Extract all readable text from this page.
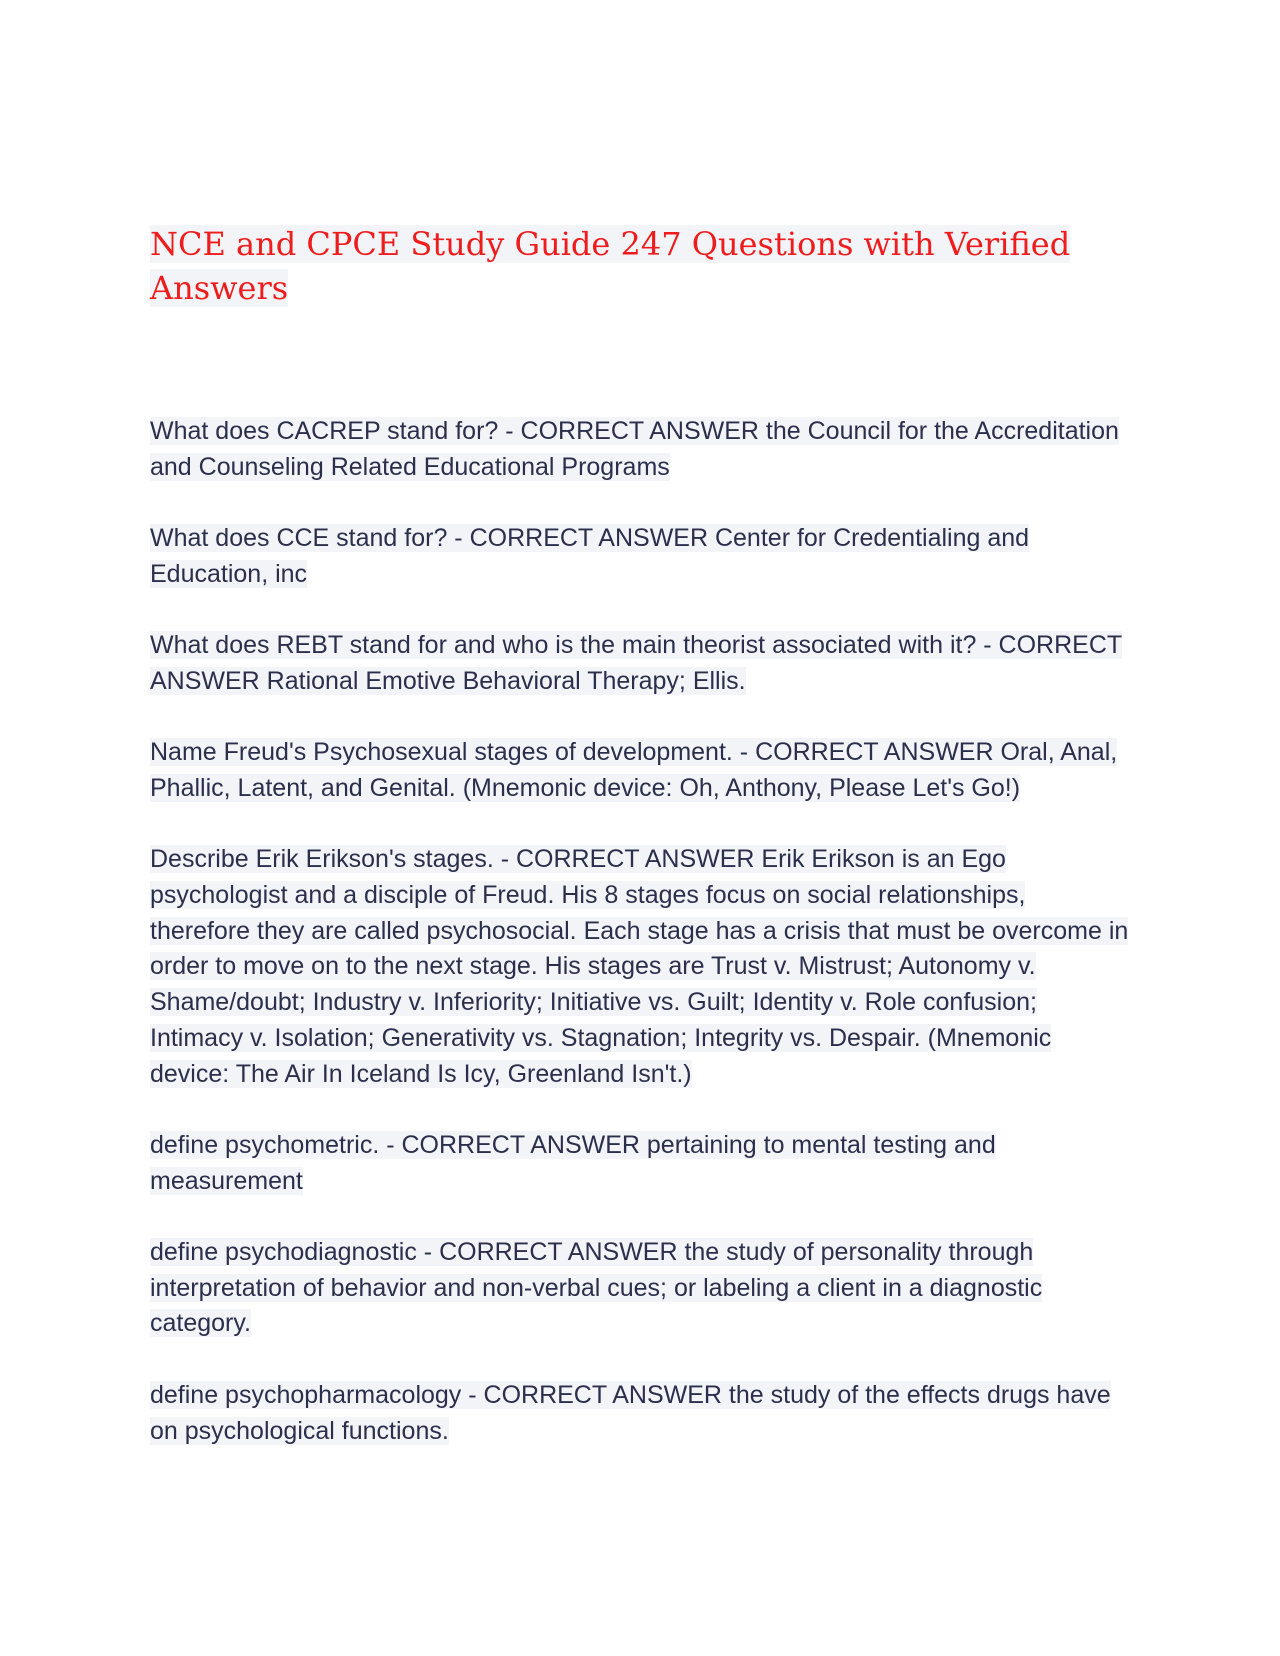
NCE and CPCE Study Guide 247 Questions with Verified Answers

What does CACREP stand for? - CORRECT ANSWER the Council for the Accreditation and Counseling Related Educational Programs

What does CCE stand for? - CORRECT ANSWER Center for Credentialing and Education, inc

What does REBT stand for and who is the main theorist associated with it? - CORRECT ANSWER Rational Emotive Behavioral Therapy; Ellis.

Name Freud's Psychosexual stages of development. - CORRECT ANSWER Oral, Anal, Phallic, Latent, and Genital. (Mnemonic device: Oh, Anthony, Please Let's Go!)

Describe Erik Erikson's stages. - CORRECT ANSWER Erik Erikson is an Ego psychologist and a disciple of Freud. His 8 stages focus on social relationships, therefore they are called psychosocial. Each stage has a crisis that must be overcome in order to move on to the next stage. His stages are Trust v. Mistrust; Autonomy v. Shame/doubt; Industry v. Inferiority; Initiative vs. Guilt; Identity v. Role confusion; Intimacy v. Isolation; Generativity vs. Stagnation; Integrity vs. Despair. (Mnemonic device: The Air In Iceland Is Icy, Greenland Isn't.)

define psychometric. - CORRECT ANSWER pertaining to mental testing and measurement

define psychodiagnostic - CORRECT ANSWER the study of personality through interpretation of behavior and non-verbal cues; or labeling a client in a diagnostic category.

define psychopharmacology - CORRECT ANSWER the study of the effects drugs have on psychological functions.
